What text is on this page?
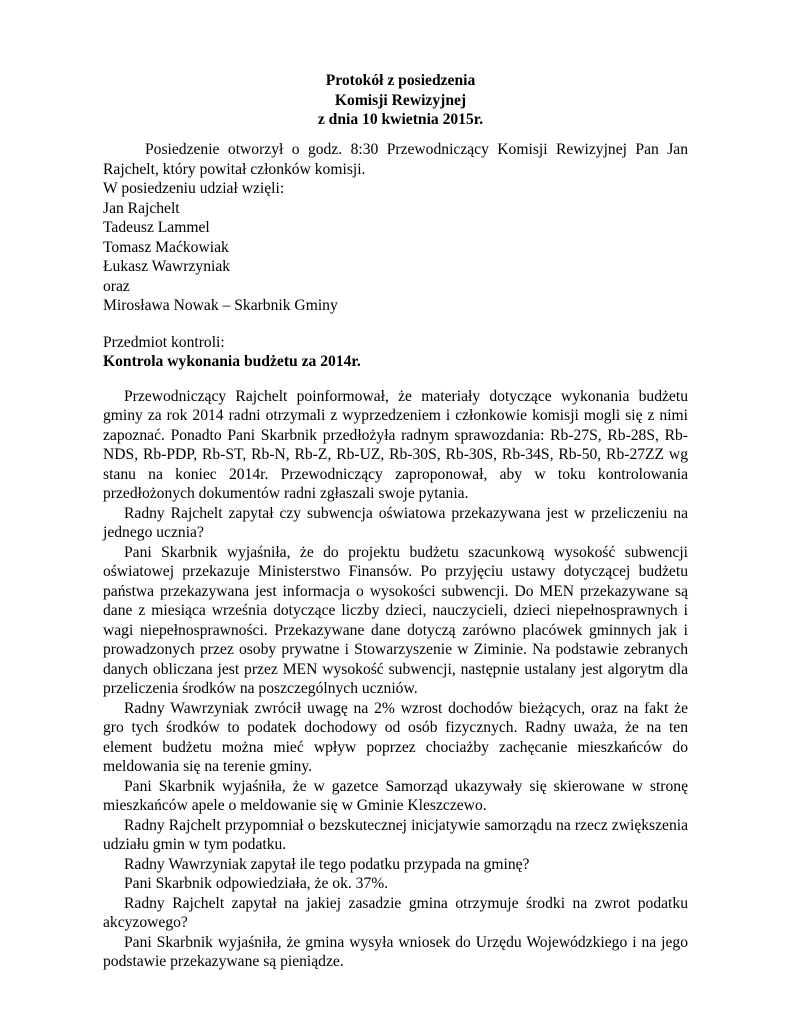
Protokół z posiedzenia
Komisji Rewizyjnej
z dnia 10 kwietnia 2015r.

Posiedzenie otworzył o godz. 8:30 Przewodniczący Komisji Rewizyjnej Pan Jan Rajchelt, który powitał członków komisji.

W posiedzeniu udział wzięli:

Jan Rajchelt

Tadeusz Lammel

Tomasz Maćkowiak

Łukasz Wawrzyniak

oraz

Mirosława Nowak – Skarbnik Gminy

Przedmiot kontroli:

Kontrola wykonania budżetu za 2014r.

Przewodniczący Rajchelt poinformował, że materiały dotyczące wykonania budżetu gminy za rok 2014 radni otrzymali z wyprzedzeniem i członkowie komisji mogli się z nimi zapoznać. Ponadto Pani Skarbnik przedłożyła radnym sprawozdania: Rb-27S, Rb-28S, Rb-NDS, Rb-PDP, Rb-ST, Rb-N, Rb-Z, Rb-UZ, Rb-30S, Rb-30S, Rb-34S, Rb-50, Rb-27ZZ wg stanu na koniec 2014r. Przewodniczący zaproponował, aby w toku kontrolowania przedłożonych dokumentów radni zgłaszali swoje pytania.

Radny Rajchelt zapytał czy subwencja oświatowa przekazywana jest w przeliczeniu na jednego ucznia?

Pani Skarbnik wyjaśniła, że do projektu budżetu szacunkową wysokość subwencji oświatowej przekazuje Ministerstwo Finansów. Po przyjęciu ustawy dotyczącej budżetu państwa przekazywana jest informacja o wysokości subwencji. Do MEN przekazywane są dane z miesiąca września dotyczące liczby dzieci, nauczycieli, dzieci niepełnosprawnych i wagi niepełnosprawności. Przekazywane dane dotyczą zarówno placówek gminnych jak i prowadzonych przez osoby prywatne i Stowarzyszenie w Ziminie. Na podstawie zebranych danych obliczana jest przez MEN wysokość subwencji, następnie ustalany jest algorytm dla przeliczenia środków na poszczególnych uczniów.

Radny Wawrzyniak zwrócił uwagę na 2% wzrost dochodów bieżących, oraz na fakt że gro tych środków to podatek dochodowy od osób fizycznych. Radny uważa, że na ten element budżetu można mieć wpływ poprzez chociażby zachęcanie mieszkańców do meldowania się na terenie gminy.

Pani Skarbnik wyjaśniła, że w gazetce Samorząd ukazywały się skierowane w stronę mieszkańców apele o meldowanie się w Gminie Kleszczewo.

Radny Rajchelt przypomniał o bezskutecznej inicjatywie samorządu na rzecz zwiększenia udziału gmin w tym podatku.

Radny Wawrzyniak zapytał ile tego podatku przypada na gminę?

Pani Skarbnik odpowiedziała, że ok. 37%.

Radny Rajchelt zapytał na jakiej zasadzie gmina otrzymuje środki na zwrot podatku akcyzowego?

Pani Skarbnik wyjaśniła, że gmina wysyła wniosek do Urzędu Wojewódzkiego i na jego podstawie przekazywane są pieniądze.
